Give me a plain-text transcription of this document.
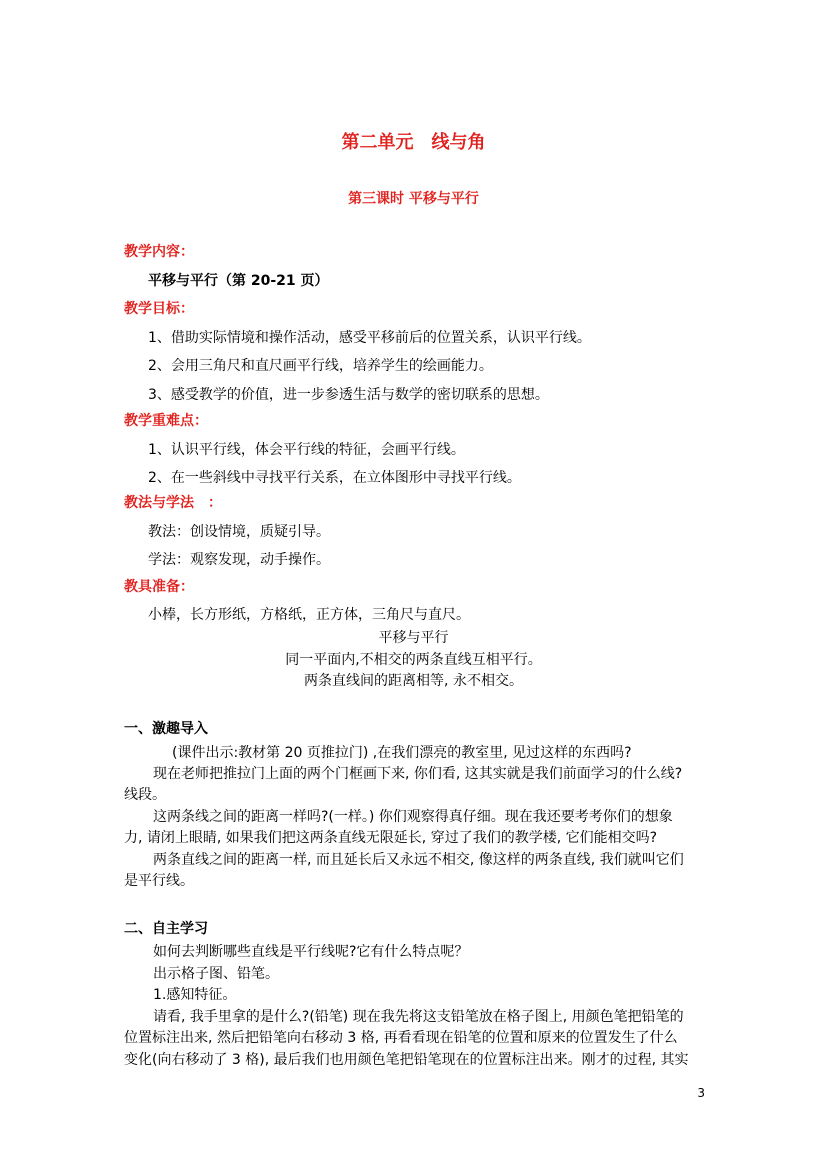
第二单元　线与角
第三课时 平移与平行
教学内容：
平移与平行（第 20-21 页）
教学目标：
1、借助实际情境和操作活动，感受平移前后的位置关系，认识平行线。
2、会用三角尺和直尺画平行线，培养学生的绘画能力。
3、感受教学的价值，进一步参透生活与数学的密切联系的思想。
教学重难点：
1、认识平行线，体会平行线的特征，会画平行线。
2、在一些斜线中寻找平行关系，在立体图形中寻找平行线。
教法与学法　：
教法：创设情境，质疑引导。
学法：观察发现，动手操作。
教具准备：
小棒，长方形纸，方格纸，正方体，三角尺与直尺。
平移与平行
同一平面内,不相交的两条直线互相平行。
两条直线间的距离相等, 永不相交。
一、激趣导入
(课件出示:教材第 20 页推拉门) ,在我们漂亮的教室里, 见过这样的东西吗?
现在老师把推拉门上面的两个门框画下来, 你们看, 这其实就是我们前面学习的什么线?
线段。
这两条线之间的距离一样吗?(一样。) 你们观察得真仔细。现在我还要考考你们的想象
力, 请闭上眼睛, 如果我们把这两条直线无限延长, 穿过了我们的教学楼, 它们能相交吗?
两条直线之间的距离一样, 而且延长后又永远不相交, 像这样的两条直线, 我们就叫它们
是平行线。
二、自主学习
如何去判断哪些直线是平行线呢?它有什么特点呢？
出示格子图、铅笔。
1.感知特征。
请看, 我手里拿的是什么?(铅笔) 现在我先将这支铅笔放在格子图上, 用颜色笔把铅笔的
位置标注出来, 然后把铅笔向右移动 3 格, 再看看现在铅笔的位置和原来的位置发生了什么
变化(向右移动了 3 格), 最后我们也用颜色笔把铅笔现在的位置标注出来。刚才的过程, 其实
3
